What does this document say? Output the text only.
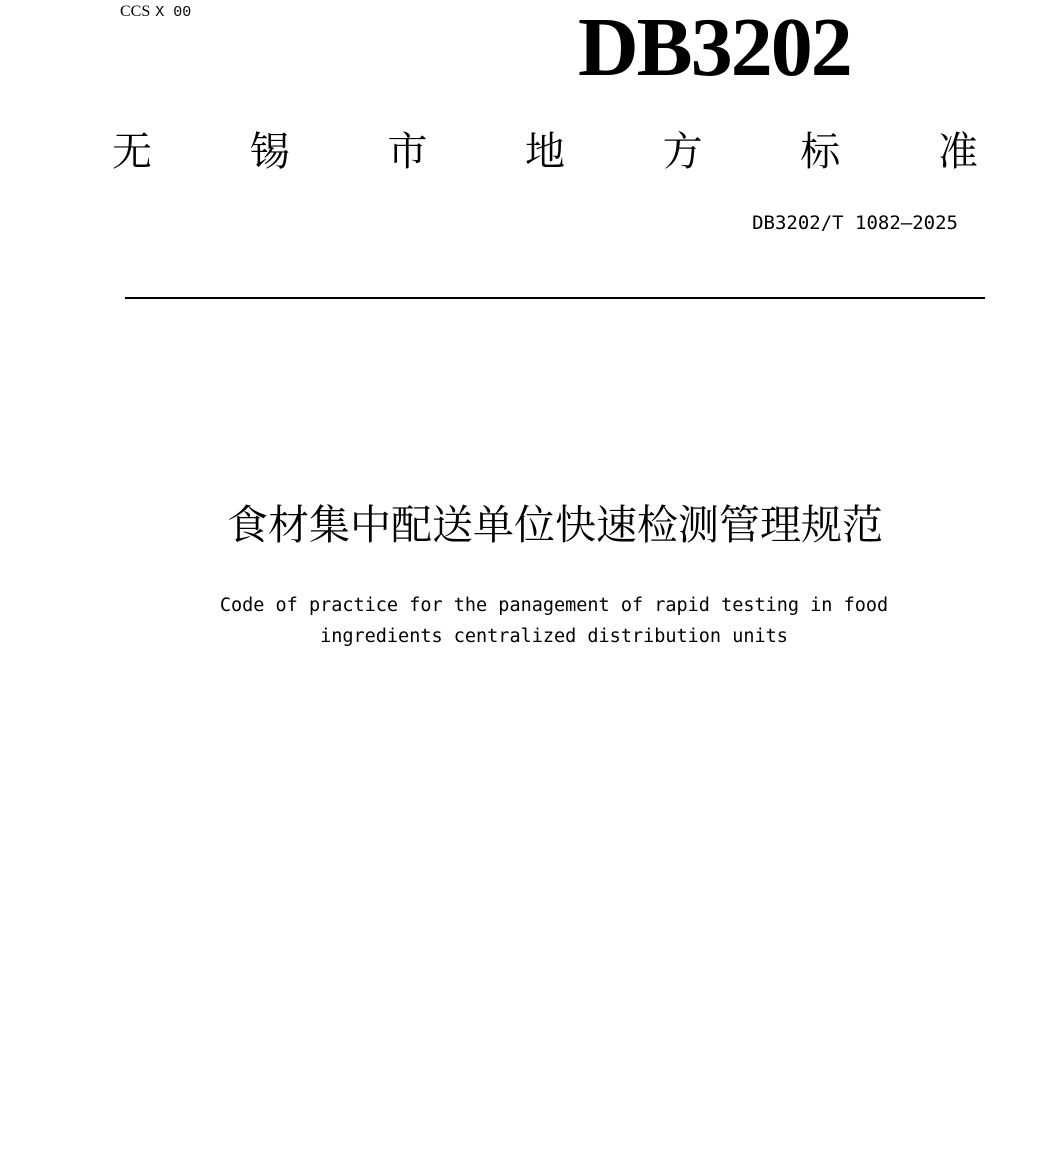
CCS X 00	DB3202
无 锡 市 地 方 标 准
DB3202/T 1082—2025
食材集中配送单位快速检测管理规范
Code of practice for the panagement of rapid testing in food
ingredients centralized distribution units
